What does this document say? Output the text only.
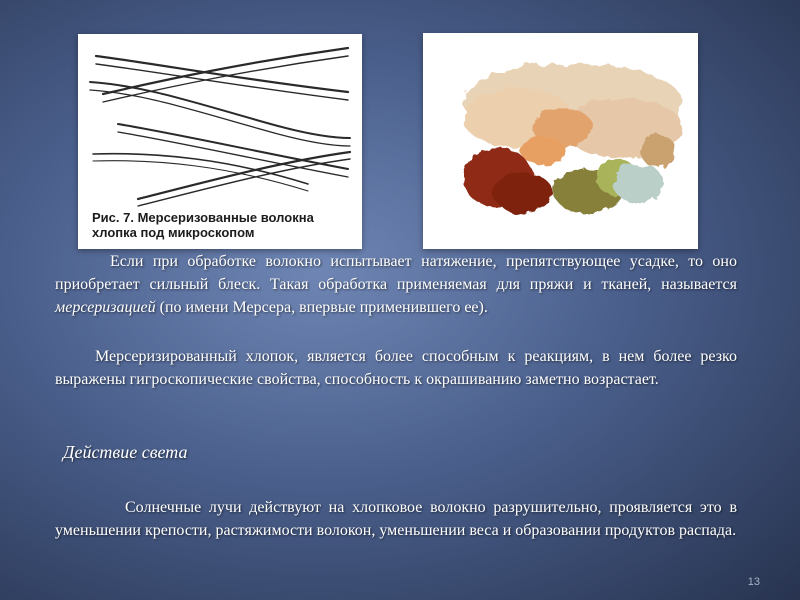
Рис. 7. Мерсеризованные волокна хлопка под микроскопом
Если при обработке волокно испытывает натяжение, препятствующее усадке, то оно приобретает сильный блеск. Такая обработка применяемая для пряжи и тканей, называется мерсеризацией (по имени Мерсера, впервые применившего ее).
Мерсеризированный хлопок, является более способным к реакциям, в нем более резко выражены гигроскопические свойства, способность к окрашиванию заметно возрастает.
Действие света
Солнечные лучи действуют на хлопковое волокно разрушительно, проявляется это в уменьшении крепости, растяжимости волокон, уменьшении веса и образовании продуктов распада.
13
